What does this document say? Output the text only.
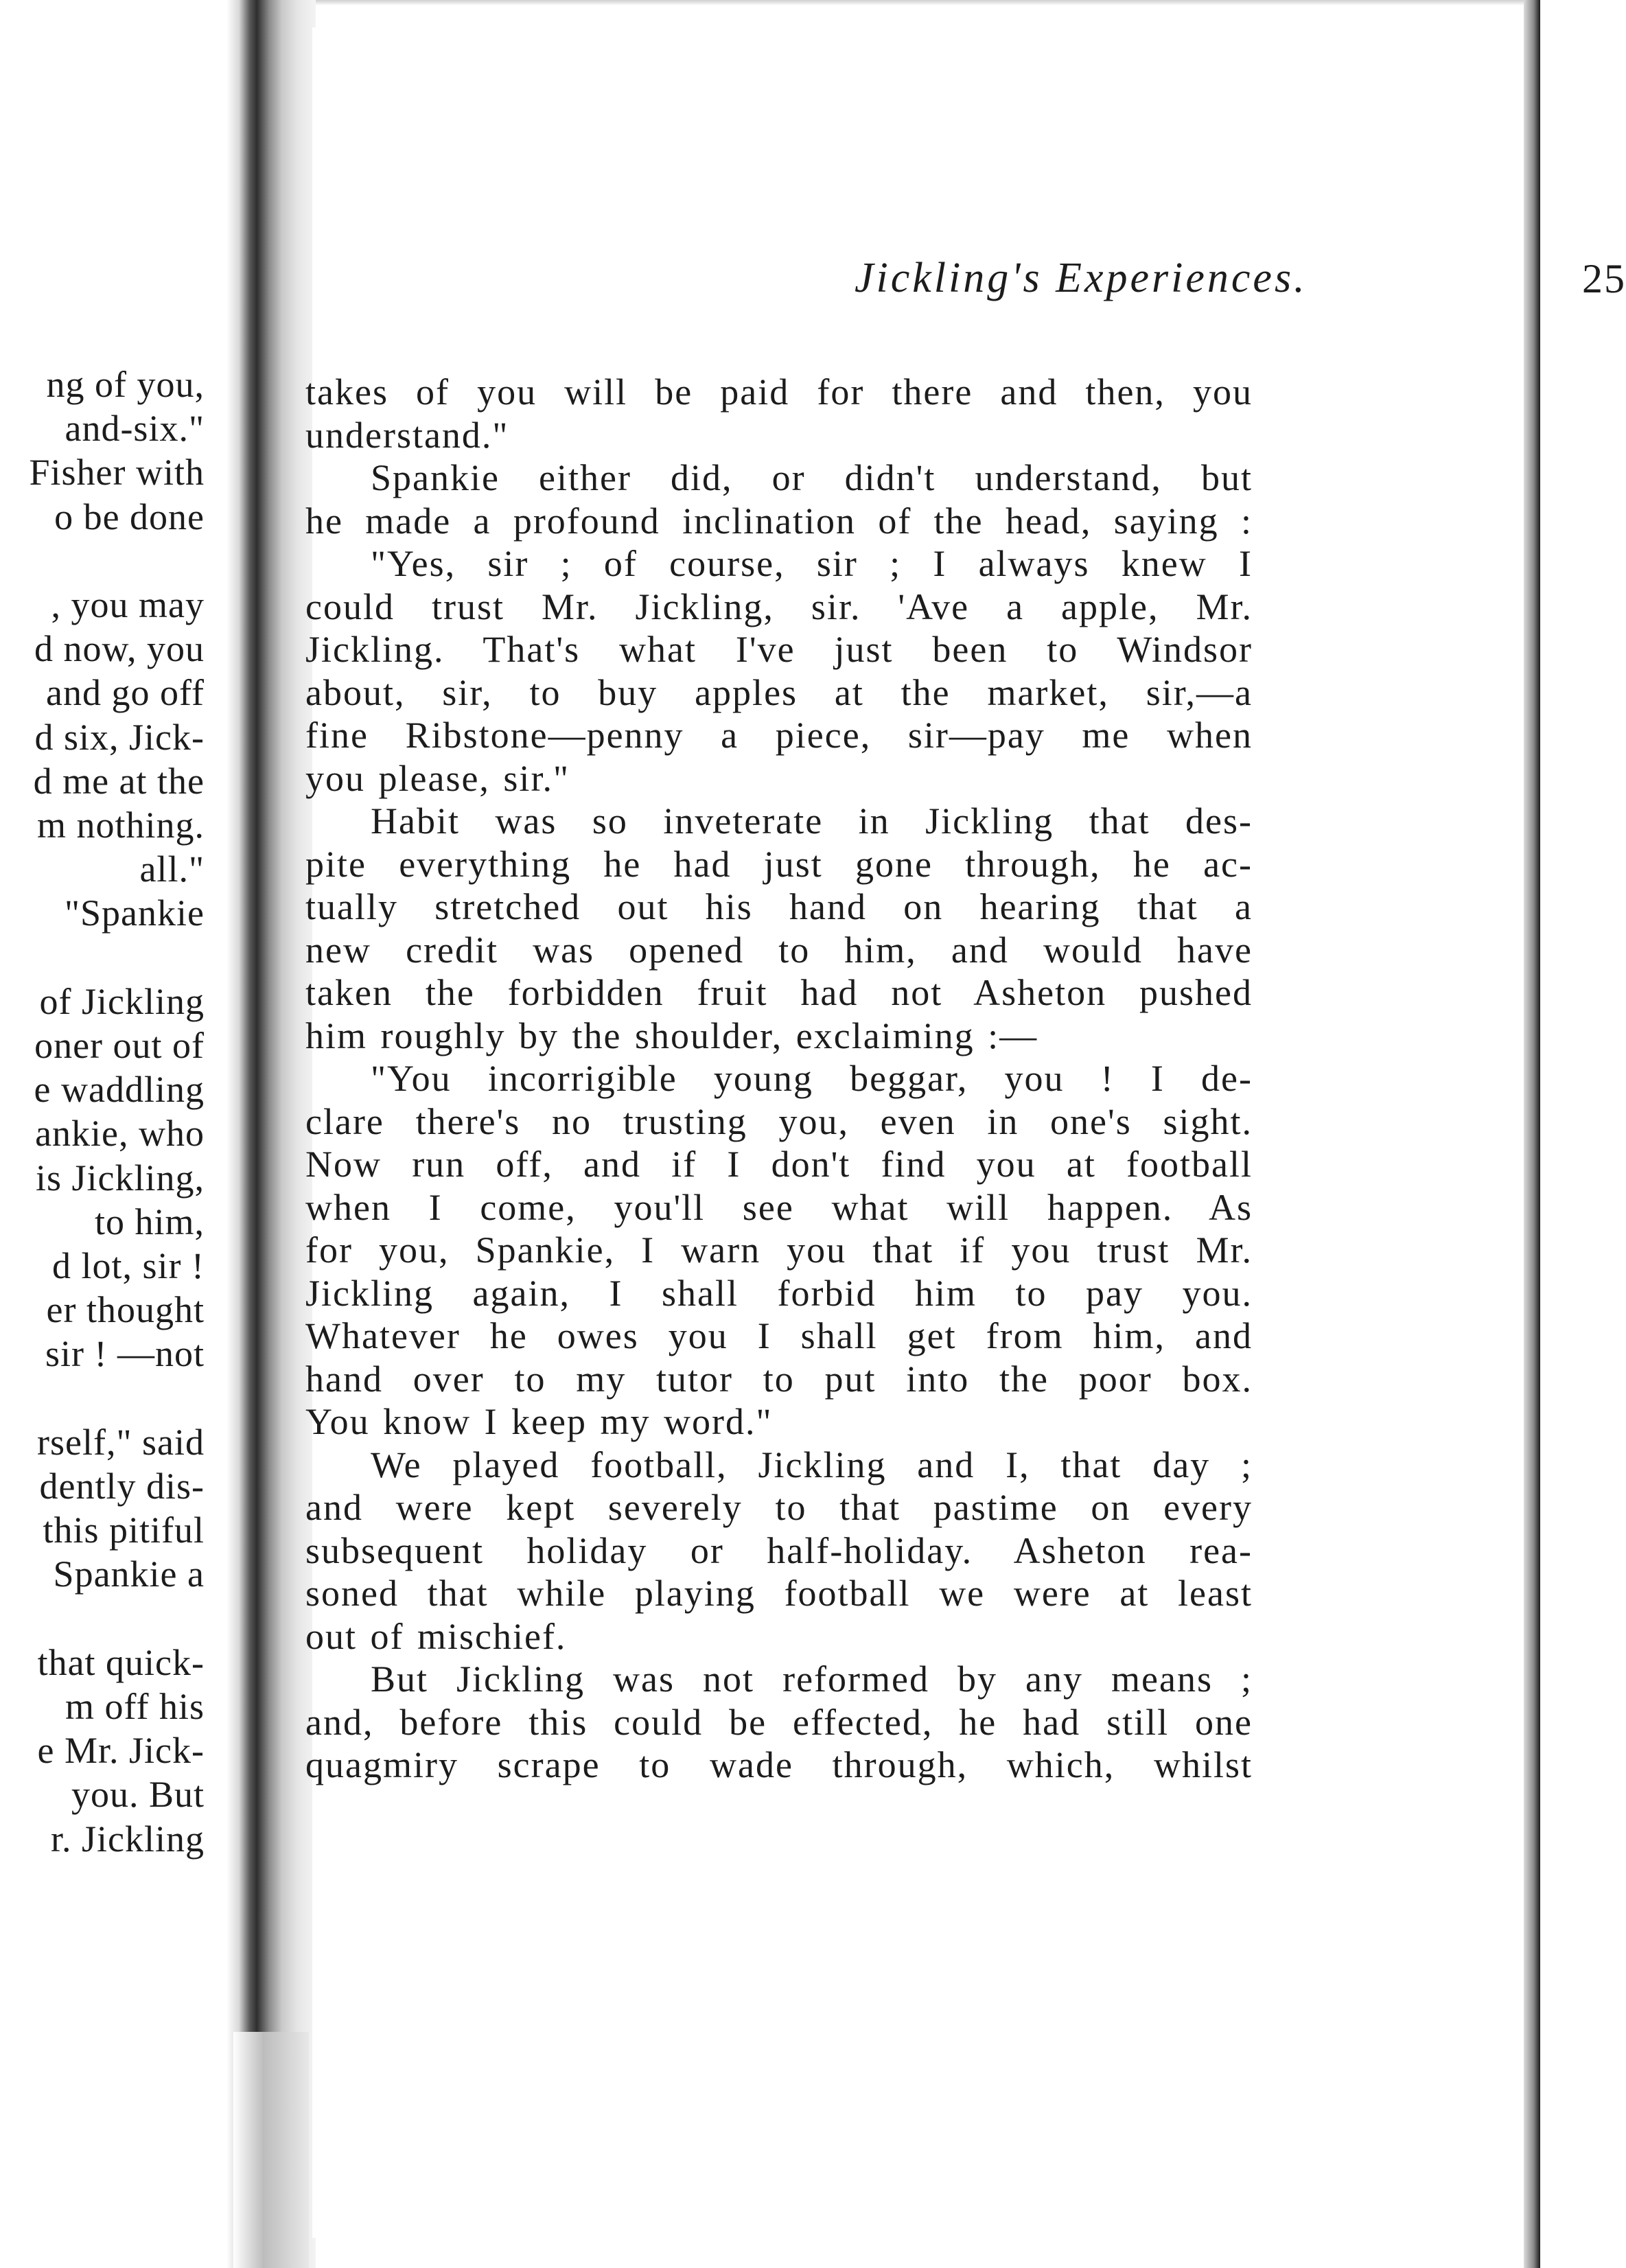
ng of you,
and-six."
Fisher with
o be done
, you may
d now, you
and go off
d six, Jick-
d me at the
m nothing.
all."
"Spankie
of Jickling
oner out of
e waddling
ankie, who
is Jickling,
to him,
d lot, sir !
er thought
sir ! —not
rself," said
dently dis-
this pitiful
Spankie a
that quick-
m off his
e Mr. Jick-
you. But
r. Jickling
Jickling's Experiences.	25
takes of you will be paid for there and then, you
understand."
Spankie either did, or didn't understand, but
he made a profound inclination of the head, saying :
"Yes, sir ; of course, sir ; I always knew I
could trust Mr. Jickling, sir. 'Ave a apple, Mr.
Jickling. That's what I've just been to Windsor
about, sir, to buy apples at the market, sir,—a
fine Ribstone—penny a piece, sir—pay me when
you please, sir."
Habit was so inveterate in Jickling that des-
pite everything he had just gone through, he ac-
tually stretched out his hand on hearing that a
new credit was opened to him, and would have
taken the forbidden fruit had not Asheton pushed
him roughly by the shoulder, exclaiming :—
"You incorrigible young beggar, you ! I de-
clare there's no trusting you, even in one's sight.
Now run off, and if I don't find you at football
when I come, you'll see what will happen. As
for you, Spankie, I warn you that if you trust Mr.
Jickling again, I shall forbid him to pay you.
Whatever he owes you I shall get from him, and
hand over to my tutor to put into the poor box.
You know I keep my word."
We played football, Jickling and I, that day ;
and were kept severely to that pastime on every
subsequent holiday or half-holiday. Asheton rea-
soned that while playing football we were at least
out of mischief.
But Jickling was not reformed by any means ;
and, before this could be effected, he had still one
quagmiry scrape to wade through, which, whilst
